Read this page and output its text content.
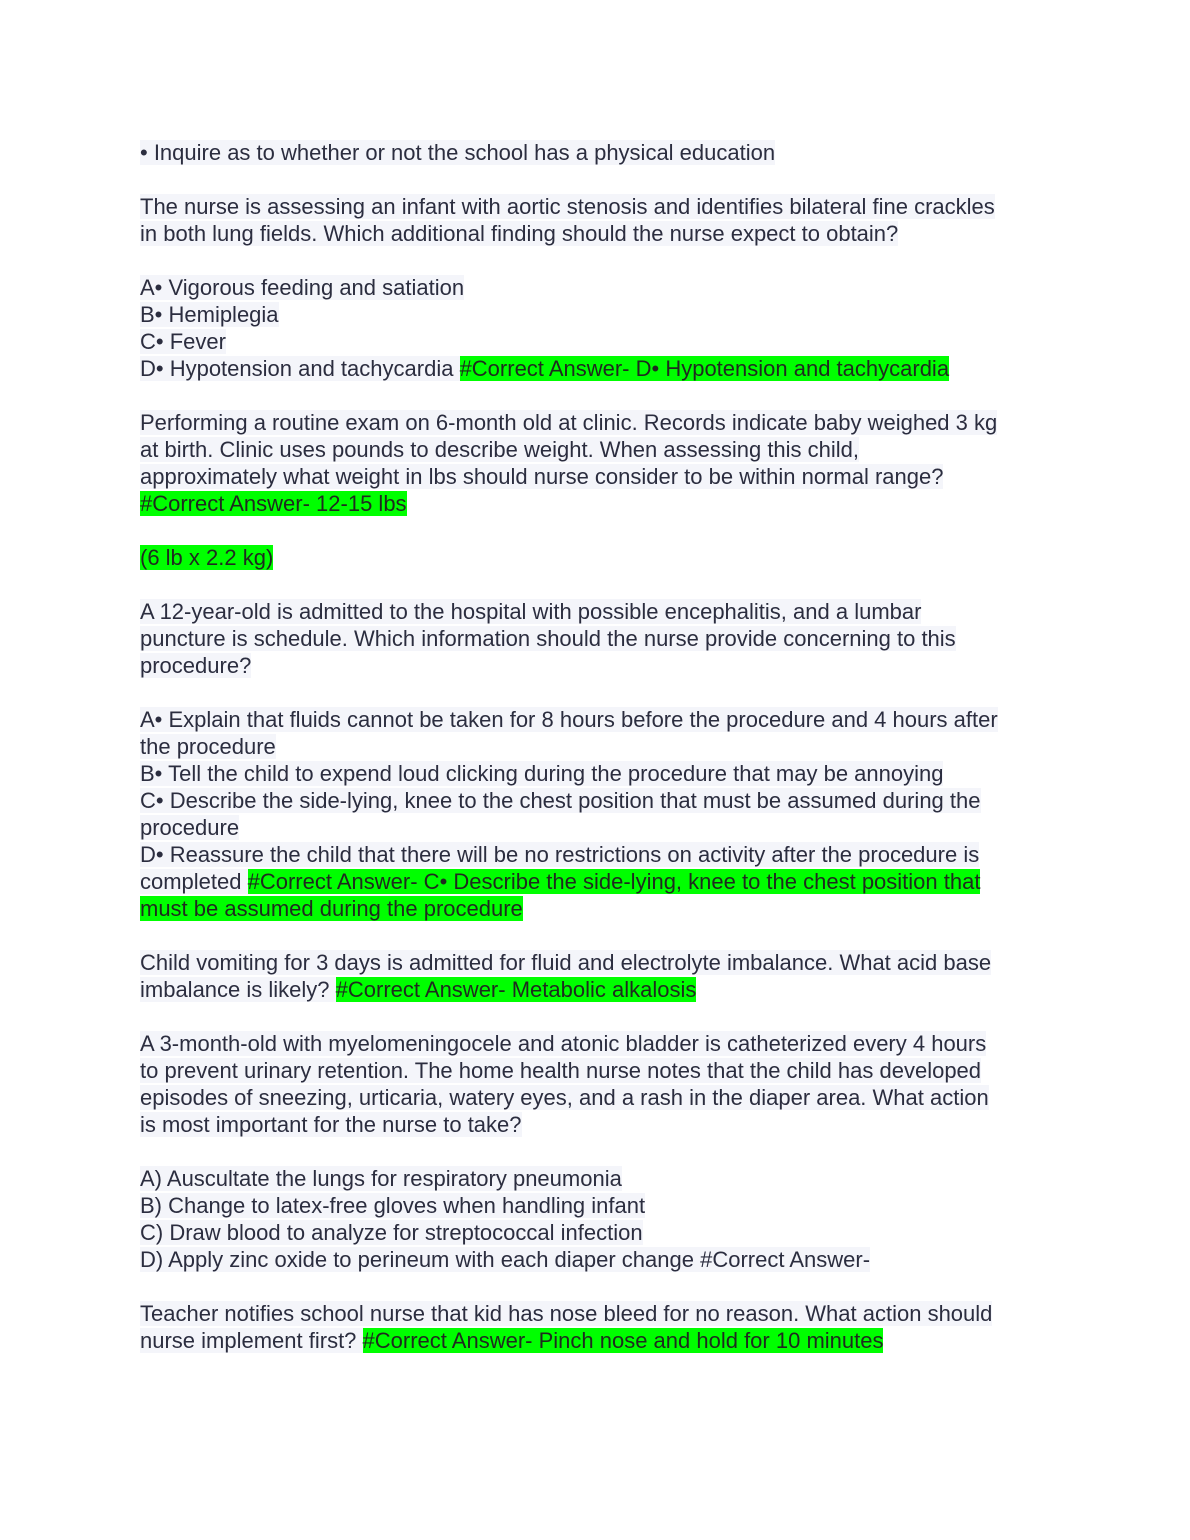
• Inquire as to whether or not the school has a physical education
The nurse is assessing an infant with aortic stenosis and identifies bilateral fine crackles
in both lung fields. Which additional finding should the nurse expect to obtain?
A• Vigorous feeding and satiation
B• Hemiplegia
C• Fever
D• Hypotension and tachycardia #Correct Answer- D• Hypotension and tachycardia
Performing a routine exam on 6-month old at clinic. Records indicate baby weighed 3 kg
at birth. Clinic uses pounds to describe weight. When assessing this child,
approximately what weight in lbs should nurse consider to be within normal range?
#Correct Answer- 12-15 lbs
(6 lb x 2.2 kg)
A 12-year-old is admitted to the hospital with possible encephalitis, and a lumbar
puncture is schedule. Which information should the nurse provide concerning to this
procedure?
A• Explain that fluids cannot be taken for 8 hours before the procedure and 4 hours after
the procedure
B• Tell the child to expend loud clicking during the procedure that may be annoying
C• Describe the side-lying, knee to the chest position that must be assumed during the
procedure
D• Reassure the child that there will be no restrictions on activity after the procedure is
completed #Correct Answer- C• Describe the side-lying, knee to the chest position that
must be assumed during the procedure
Child vomiting for 3 days is admitted for fluid and electrolyte imbalance. What acid base
imbalance is likely? #Correct Answer- Metabolic alkalosis
A 3-month-old with myelomeningocele and atonic bladder is catheterized every 4 hours
to prevent urinary retention. The home health nurse notes that the child has developed
episodes of sneezing, urticaria, watery eyes, and a rash in the diaper area. What action
is most important for the nurse to take?
A) Auscultate the lungs for respiratory pneumonia
B) Change to latex-free gloves when handling infant
C) Draw blood to analyze for streptococcal infection
D) Apply zinc oxide to perineum with each diaper change #Correct Answer-
Teacher notifies school nurse that kid has nose bleed for no reason. What action should
nurse implement first? #Correct Answer- Pinch nose and hold for 10 minutes
